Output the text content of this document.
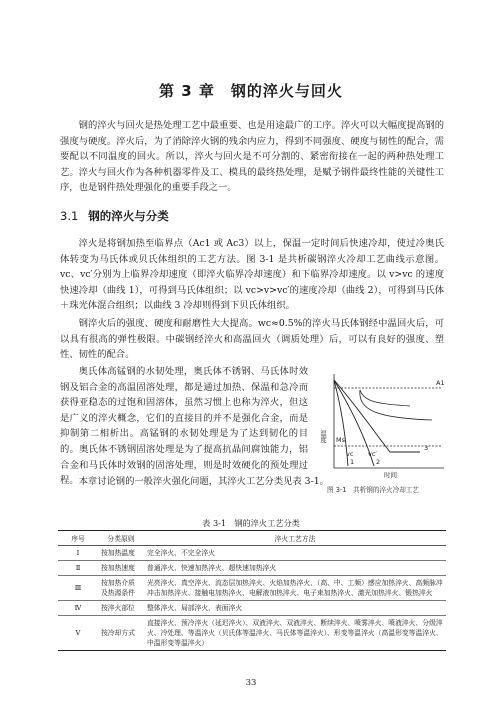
第 3 章　钢的淬火与回火

钢的淬火与回火是热处理工艺中最重要、也是用途最广的工序。淬火可以大幅度提高钢的强度与硬度。淬火后，为了消除淬火钢的残余内应力，得到不同强度、硬度与韧性的配合，需要配以不同温度的回火。所以，淬火与回火是不可分割的、紧密衔接在一起的两种热处理工艺。淬火与回火作为各种机器零件及工、模具的最终热处理，是赋予钢件最终性能的关键性工序，也是钢件热处理强化的重要手段之一。

3.1 钢的淬火与分类

淬火是将钢加热至临界点（Ac1 或 Ac3）以上，保温一定时间后快速冷却，使过冷奥氏体转变为马氏体或贝氏体组织的工艺方法。图 3-1 是共析碳钢淬火冷却工艺曲线示意图。vc、vc′分别为上临界冷却速度（即淬火临界冷却速度）和下临界冷却速度。以 v>vc 的速度快速冷却（曲线 1），可得到马氏体组织；以 vc>v>vc′的速度冷却（曲线 2），可得到马氏体＋珠光体混合组织；以曲线 3 冷却则得到下贝氏体组织。

钢淬火后的强度、硬度和耐磨性大大提高。wc≈0.5%的淬火马氏体钢经中温回火后，可以具有很高的弹性极限。中碳钢经淬火和高温回火（调质处理）后，可以有良好的强度、塑性、韧性的配合。

奥氏体高锰钢的水韧处理，奥氏体不锈钢、马氏体时效钢及铝合金的高温固溶处理，都是通过加热、保温和急冷而获得亚稳态的过饱和固溶体，虽然习惯上也称为淬火，但这是广义的淬火概念，它们的直接目的并不是强化合金，而是抑制第二相析出。高锰钢的水韧处理是为了达到韧化的目的。奥氏体不锈钢固溶处理是为了提高抗晶间腐蚀能力，铝合金和马氏体时效钢的固溶处理，则是时效硬化的预处理过程。 本章讨论钢的一般淬火强化问题，其淬火工艺分类见表 3-1。

温度
时间
A1
Ms
vc vc′
1	2
3
图 3-1　共析钢的淬火冷却工艺
表 3-1　钢的淬火工艺分类
序号	分类原则	淬火工艺方法
Ⅰ	按加热温度	完全淬火、不完全淬火
Ⅱ	按加热速度	普通淬火、快速加热淬火、超快速加热淬火
Ⅲ	按加热介质及热源条件	光亮淬火、真空淬火、流态层加热淬火、火焰加热淬火、（高、中、工频）感应加热淬火、高频脉冲冲击加热淬火、接触电加热淬火、电解液加热淬火、电子束加热淬火、激光加热淬火、锻热淬火
Ⅳ	按淬火部位	整体淬火、局部淬火、表面淬火
Ⅴ	按冷却方式	直接淬火、预冷淬火（延迟淬火）、双液淬火、双液淬火、断续淬火、喷雾淬火、喷液淬火、分级淬火、冷处理、等温淬火（贝氏体等温淬火、马氏体等温淬火）、形变等温淬火（高温形变等温淬火、中温形变等温淬火）
33
